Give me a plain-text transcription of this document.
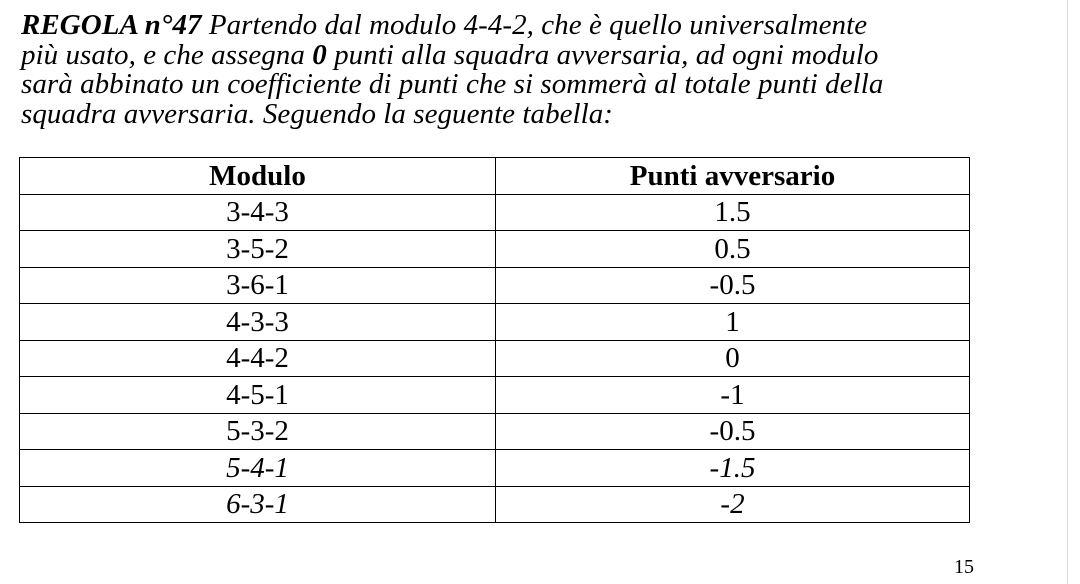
REGOLA n°47 Partendo dal modulo 4-4-2, che è quello universalmente
più usato, e che assegna 0 punti alla squadra avversaria, ad ogni modulo
sarà abbinato un coefficiente di punti che si sommerà al totale punti della
squadra avversaria. Seguendo la seguente tabella:
Modulo	Punti avversario
3-4-3	1.5
3-5-2	0.5
3-6-1	-0.5
4-3-3	1
4-4-2	0
4-5-1	-1
5-3-2	-0.5
5-4-1	-1.5
6-3-1	-2
15
